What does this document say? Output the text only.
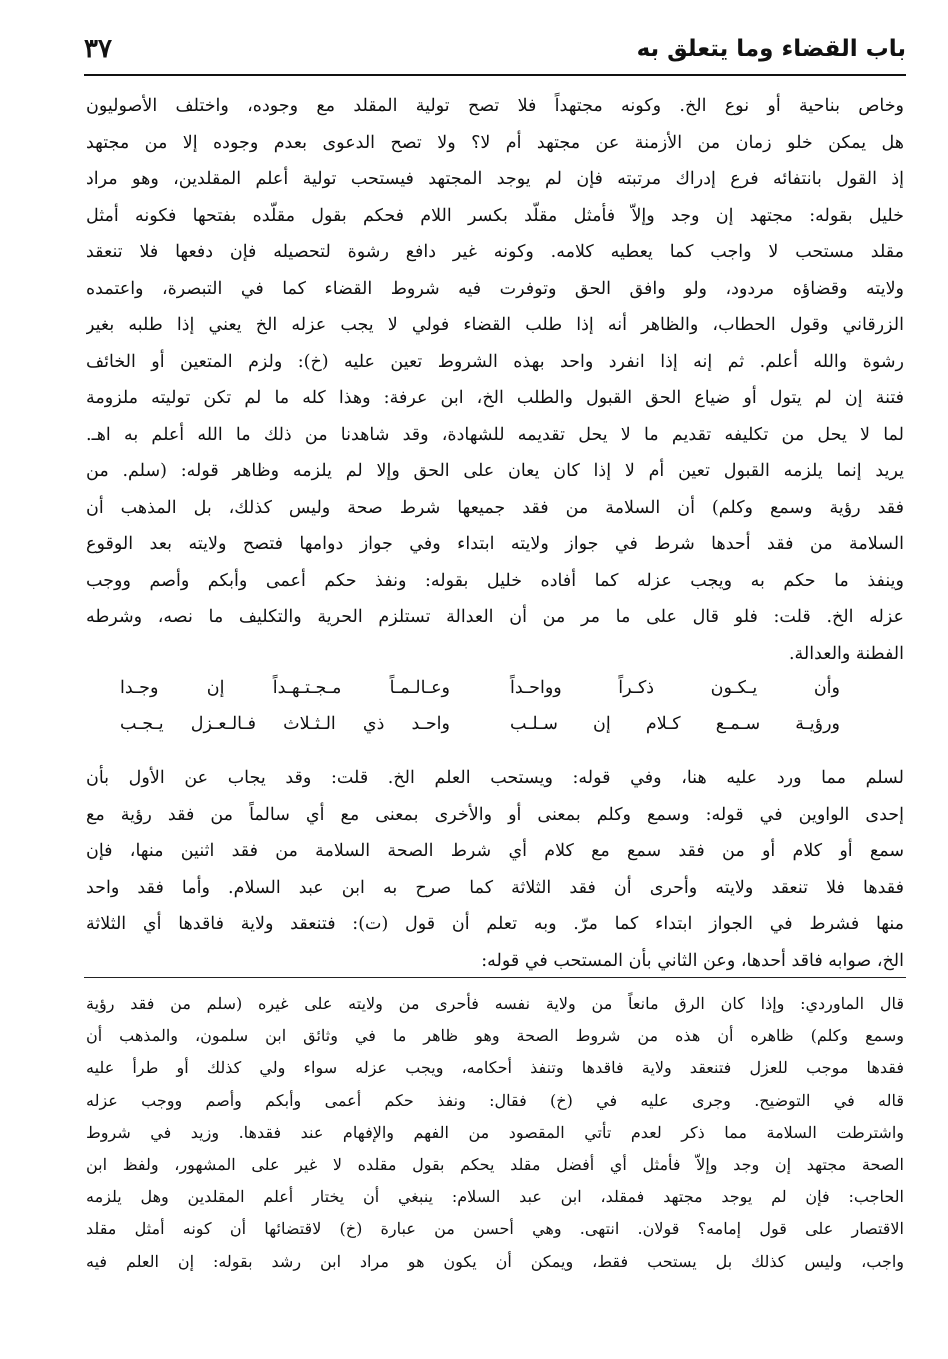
٣٧	باب القضاء وما يتعلق به
وخاص بناحية أو نوع الخ. وكونه مجتهداً فلا تصح تولية المقلد مع وجوده، واختلف الأصوليون
هل يمكن خلو زمان من الأزمنة عن مجتهد أم لا؟ ولا تصح الدعوى بعدم وجوده إلا من مجتهد
إذ القول بانتفائه فرع إدراك مرتبته فإن لم يوجد المجتهد فيستحب تولية أعلم المقلدين، وهو مراد
خليل بقوله: مجتهد إن وجد وإلاّ فأمثل مقلّد بكسر اللام فحكم بقول مقلّده بفتحها فكونه أمثل
مقلد مستحب لا واجب كما يعطيه كلامه. وكونه غير دافع رشوة لتحصيله فإن دفعها فلا تنعقد
ولايته وقضاؤه مردود، ولو وافق الحق وتوفرت فيه شروط القضاء كما في التبصرة، واعتمده
الزرقاني وقول الحطاب، والظاهر أنه إذا طلب القضاء فولي لا يجب عزله الخ يعني إذا طلبه بغير
رشوة والله أعلم. ثم إنه إذا انفرد واحد بهذه الشروط تعين عليه (خ): ولزم المتعين أو الخائف
فتنة إن لم يتول أو ضياع الحق القبول والطلب الخ، ابن عرفة: وهذا كله ما لم تكن توليته ملزومة
لما لا يحل من تكليفه تقديم ما لا يحل تقديمه للشهادة، وقد شاهدنا من ذلك ما الله أعلم به اهـ.
يريد إنما يلزمه القبول تعين أم لا إذا كان يعان على الحق وإلا لم يلزمه وظاهر قوله: (سلم. من
فقد رؤية وسمع وكلم) أن السلامة من فقد جميعها شرط صحة وليس كذلك، بل المذهب أن
السلامة من فقد أحدها شرط في جواز ولايته ابتداء وفي جواز دوامها فتصح ولايته بعد الوقوع
وينفذ ما حكم به ويجب عزله كما أفاده خليل بقوله: ونفذ حكم أعمى وأبكم وأصم ووجب
عزله الخ. قلت: فلو قال على ما مر من أن العدالة تستلزم الحرية والتكليف ما نصه، وشرطه
الفطنة والعدالة.
وأن يـكـون ذكـراً وواحـداً
وعـالـمـاً مـجـتـهـداً إن وجـدا
ورؤيـة سـمـع كـلام إن سـلـب
واحـد ذي الـثـلاث فـالـعـزل يـجـب
لسلم مما ورد عليه هنا، وفي قوله: ويستحب العلم الخ. قلت: وقد يجاب عن الأول بأن
إحدى الواوين في قوله: وسمع وكلم بمعنى أو والأخرى بمعنى مع أي سالماً من فقد رؤية مع
سمع أو كلام أو من فقد سمع مع كلام أي شرط الصحة السلامة من فقد اثنين منها، فإن
فقدها فلا تنعقد ولايته وأحرى أن فقد الثلاثة كما صرح به ابن عبد السلام. وأما فقد واحد
منها فشرط في الجواز ابتداء كما مرّ. وبه تعلم أن قول (ت): فتنعقد ولاية فاقدها أي الثلاثة
الخ، صوابه فاقد أحدها، وعن الثاني بأن المستحب في قوله:
قال الماوردي: وإذا كان الرق مانعاً من ولاية نفسه فأحرى من ولايته على غيره (سلم من فقد رؤية
وسمع وكلم) ظاهره أن هذه من شروط الصحة وهو ظاهر ما في وثائق ابن سلمون، والمذهب أن
فقدها موجب للعزل فتنعقد ولاية فاقدها وتنفذ أحكامه، ويجب عزله سواء ولي كذلك أو طرأ عليه
قاله في التوضيح. وجرى عليه في (خ) فقال: ونفذ حكم أعمى وأبكم وأصم ووجب عزله
واشترطت السلامة مما ذكر لعدم تأتي المقصود من الفهم والإفهام عند فقدها. وزيد في شروط
الصحة مجتهد إن وجد وإلاّ فأمثل أي أفضل مقلد يحكم بقول مقلده لا غير على المشهور، ولفظ ابن
الحاجب: فإن لم يوجد مجتهد فمقلد، ابن عبد السلام: ينبغي أن يختار أعلم المقلدين وهل يلزمه
الاقتصار على قول إمامه؟ قولان. انتهى. وهي أحسن من عبارة (خ) لاقتضائها أن كونه أمثل مقلد
واجب، وليس كذلك بل يستحب فقط، ويمكن أن يكون هو مراد ابن رشد بقوله: إن العلم فيه
